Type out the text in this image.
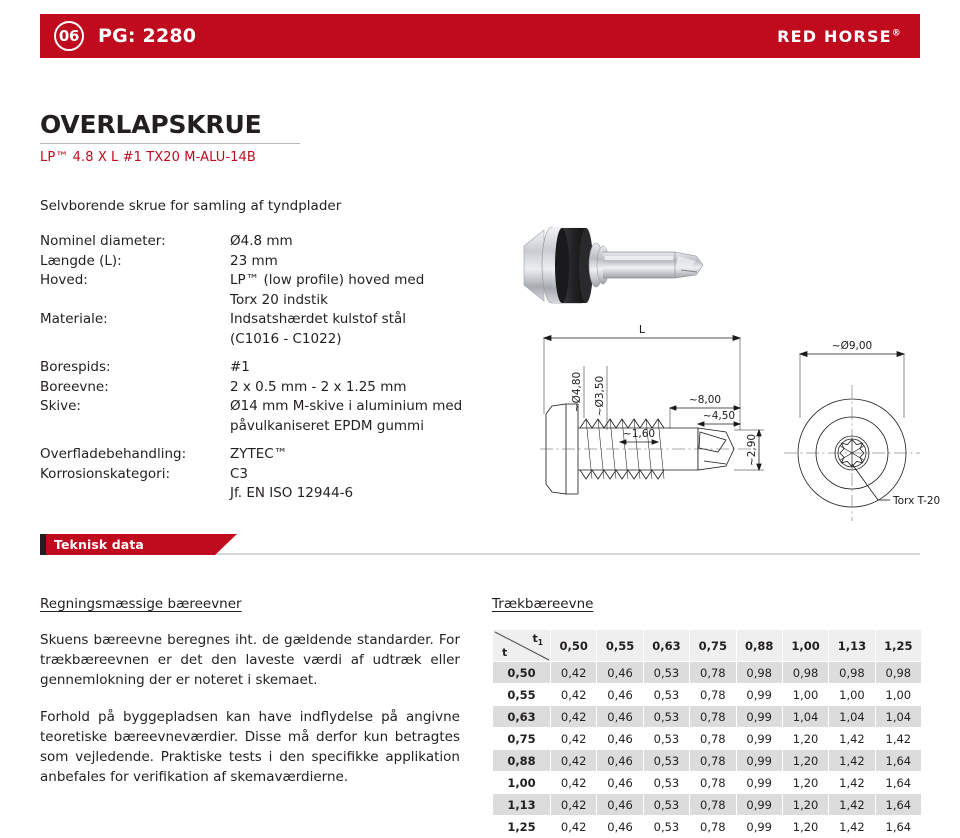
06 PG: 2280	RED HORSE®
OVERLAPSKRUE
LP™ 4.8 X L #1 TX20 M-ALU-14B
Selvborende skrue for samling af tyndplader
Nominel diameter:	Ø4.8 mm
Længde (L):	23 mm
Hoved:	LP™ (low profile) hoved med
	Torx 20 indstik
Materiale:	Indsatshærdet kulstof stål
	(C1016 - C1022)

Borespids:	#1
Boreevne:	2 x 0.5 mm - 2 x 1.25 mm
Skive:	Ø14 mm M-skive i aluminium med
	påvulkaniseret EPDM gummi

Overfladebehandling:	ZYTEC™
Korrosionskategori:	C3
	Jf. EN ISO 12944-6
L
~Ø4,80 ~Ø3,50
~1,60
~8,00
~4,50
~2,90
~Ø9,00
Torx T-20
Teknisk data
Regningsmæssige bæreevner

Skuens bæreevne beregnes iht. de gældende standarder. For trækbæreevnen er det den laveste værdi af udtræk eller gennemlokning der er noteret i skemaet.

Forhold på byggepladsen kan have indflydelse på angivne teoretiske bæreevneværdier. Disse må derfor kun betragtes som vejledende. Praktiske tests i den specifikke applikation anbefales for verifikation af skemaværdierne.

Trækbæreevne
$t_1$
t	0,50	0,55	0,63	0,75	0,88	1,00	1,13	1,25
0,50	0,42	0,46	0,53	0,78	0,98	0,98	0,98	0,98
0,55	0,42	0,46	0,53	0,78	0,99	1,00	1,00	1,00
0,63	0,42	0,46	0,53	0,78	0,99	1,04	1,04	1,04
0,75	0,42	0,46	0,53	0,78	0,99	1,20	1,42	1,42
0,88	0,42	0,46	0,53	0,78	0,99	1,20	1,42	1,64
1,00	0,42	0,46	0,53	0,78	0,99	1,20	1,42	1,64
1,13	0,42	0,46	0,53	0,78	0,99	1,20	1,42	1,64
1,25	0,42	0,46	0,53	0,78	0,99	1,20	1,42	1,64
